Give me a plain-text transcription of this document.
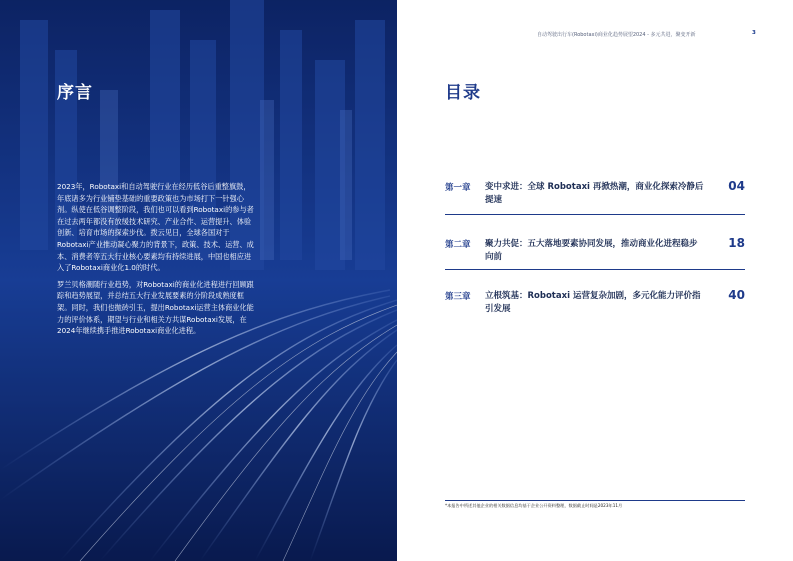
序言

2023年，Robotaxi和自动驾驶行业在经历低谷后重整旗鼓，年底诸多为行业铺垫基础的重要政策也为市场打下一针强心剂。纵使在低谷调整阶段，我们也可以看到Robotaxi的参与者在过去两年都没有放缓技术研究、产业合作、运营提升、体验创新、培育市场的探索步伐。拨云见日，全球各国对于Robotaxi产业推动凝心聚力的背景下，政策、技术、运营、成本、消费者等五大行业核心要素均有持续进展，中国也相应进入了Robotaxi商业化1.0的时代。

罗兰贝格潮随行业趋势，对Robotaxi的商业化进程进行回顾跟踪和趋势展望，并总结五大行业发展要素的分阶段成熟度框架。同时，我们也抛砖引玉，提出Robotaxi运营主体商业化能力的评价体系，期望与行业和相关方共谋Robotaxi发展，在2024年继续携手推进Robotaxi商业化进程。

自动驾驶出行车(Robotaxi)商业化趋势展望2024 - 多元共进，聚变开新	3
目录
第一章 变中求进：全球 Robotaxi 再掀热潮，商业化探索冷静后提速
04
第二章 聚力共促：五大落地要素协同发展，推动商业化进程稳步向前
18
第三章 立根筑基：Robotaxi 运营复杂加剧，多元化能力评价指引发展
40
*本报告中所述其他企业的相关数据信息均基于企业公开资料整理，数据截止时间是2023年11月
